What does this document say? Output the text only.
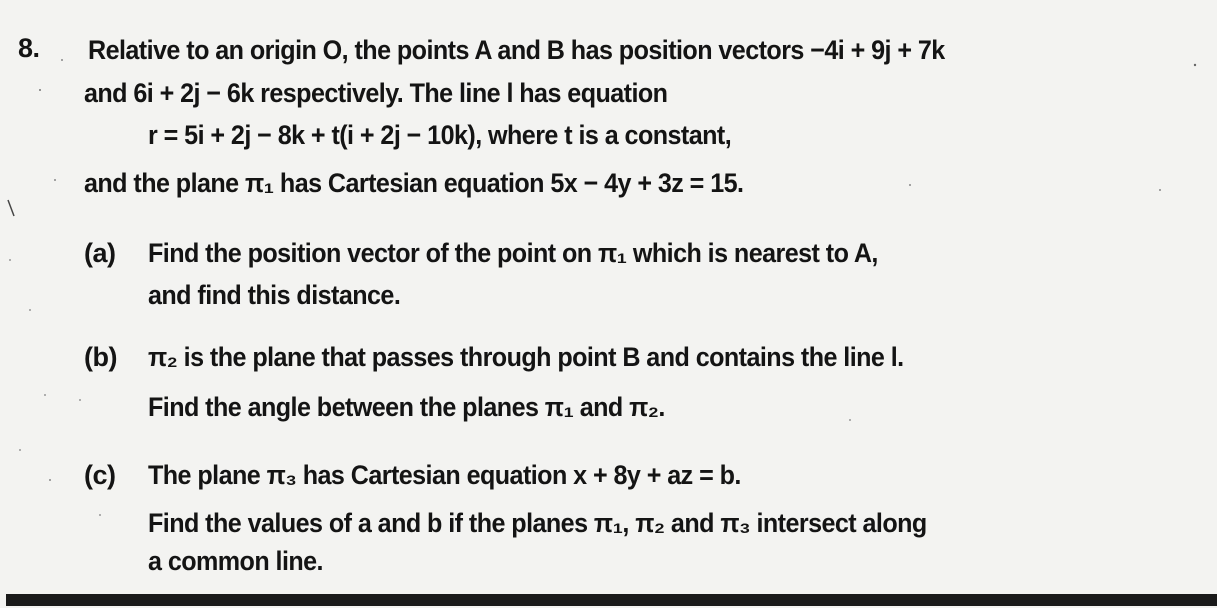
8. Relative to an origin O, the points A and B has position vectors −4i + 9j + 7k
and 6i + 2j − 6k respectively. The line l has equation
r = 5i + 2j − 8k + t(i + 2j − 10k), where t is a constant,
and the plane π₁ has Cartesian equation 5x − 4y + 3z = 15.
(a) Find the position vector of the point on π₁ which is nearest to A,
and find this distance.
(b) π₂ is the plane that passes through point B and contains the line l.
Find the angle between the planes π₁ and π₂.
(c) The plane π₃ has Cartesian equation x + 8y + az = b.
Find the values of a and b if the planes π₁, π₂ and π₃ intersect along
a common line.
